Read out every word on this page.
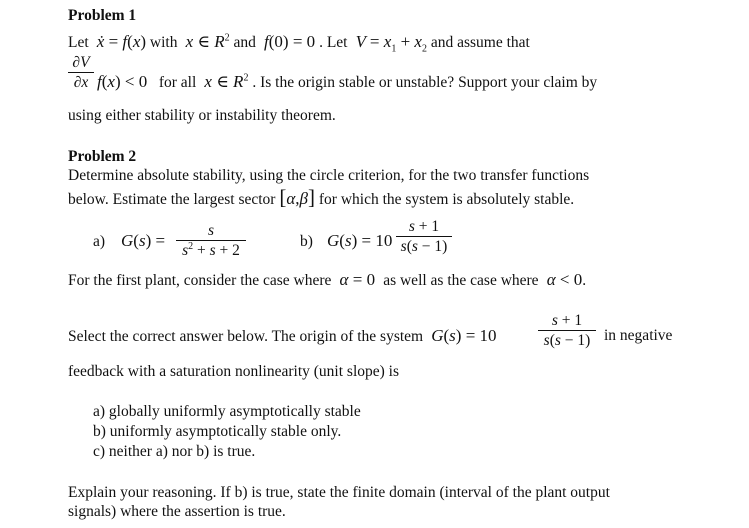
Problem 1
Let  ẋ = f(x) with  x ∈ $R^2$ and  f(0) = 0 . Let  $V = x_1 + x_2$ and assume that
$\frac{\partial V}{\partial x} f(x) < 0$ for all  x ∈ $R^2$ . Is the origin stable or unstable? Support your claim by
using either stability or instability theorem.
Problem 2
Determine absolute stability, using the circle criterion, for the two transfer functions
below. Estimate the largest sector [α,β] for which the system is absolutely stable.
a) $G(s) = \frac{s}{s^2 + s + 2}$	b) $G(s) = 10 \frac{s + 1}{s(s - 1)}$
For the first plant, consider the case where  α = 0 as well as the case where  α < 0.
Select the correct answer below. The origin of the system  G(s) = 10	$\frac{s + 1}{s(s - 1)}$ in negative
feedback with a saturation nonlinearity (unit slope) is
a) globally uniformly asymptotically stable
b) uniformly asymptotically stable only.
c) neither a) nor b) is true.
Explain your reasoning. If b) is true, state the finite domain (interval of the plant output
signals) where the assertion is true.
